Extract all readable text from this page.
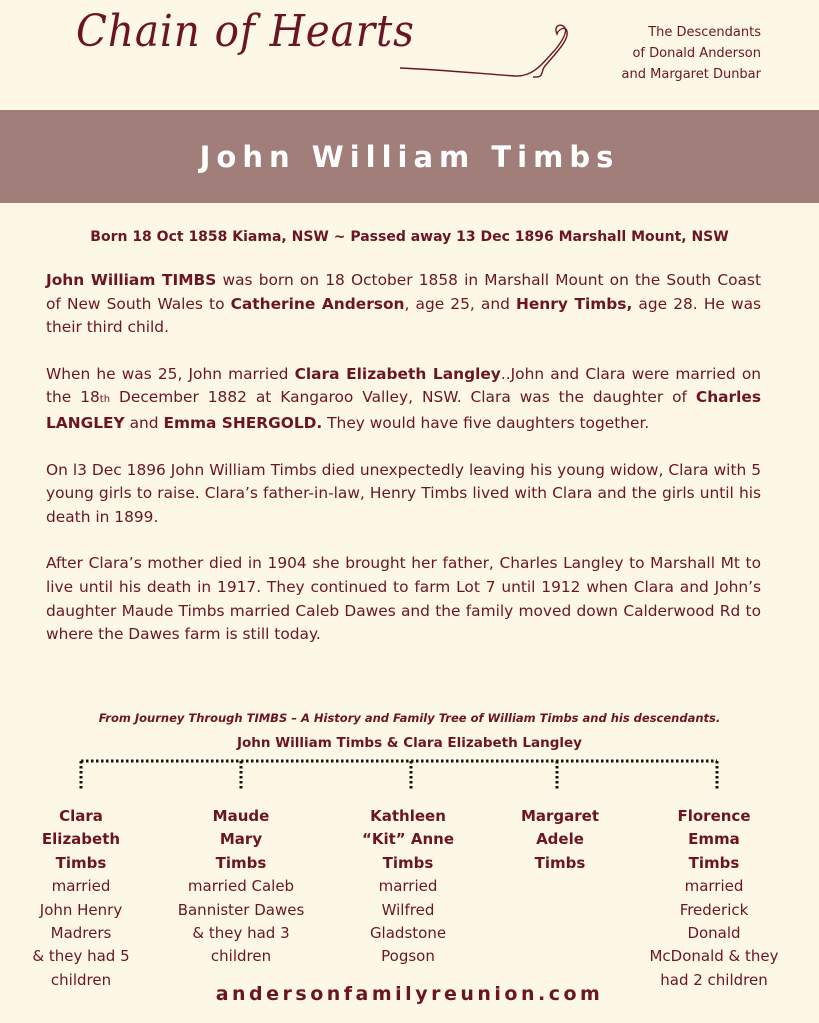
Chain of Hearts	The Descendants
of Donald Anderson
and Margaret Dunbar
John William Timbs
Born 18 Oct 1858 Kiama, NSW ~ Passed away 13 Dec 1896 Marshall Mount, NSW

John William TIMBS was born on 18 October 1858 in Marshall Mount on the South Coast of New South Wales to Catherine Anderson, age 25, and Henry Timbs, age 28. He was their third child.

When he was 25, John married Clara Elizabeth Langley..John and Clara were married on the 18th December 1882 at Kangaroo Valley, NSW. Clara was the daughter of Charles LANGLEY and Emma SHERGOLD. They would have five daughters together.

On l3 Dec 1896 John William Timbs died unexpectedly leaving his young widow, Clara with 5 young girls to raise. Clara’s father-in-law, Henry Timbs lived with Clara and the girls until his death in 1899.

After Clara’s mother died in 1904 she brought her father, Charles Langley to Marshall Mt to live until his death in 1917. They continued to farm Lot 7 until 1912 when Clara and John’s daughter Maude Timbs married Caleb Dawes and the family moved down Calderwood Rd to where the Dawes farm is still today.

From Journey Through TIMBS – A History and Family Tree of William Timbs and his descendants.
John William Timbs & Clara Elizabeth Langley
Clara
Elizabeth
Timbs
married
John Henry
Madrers
& they had 5
children
Maude
Mary
Timbs
married Caleb
Bannister Dawes
& they had 3
children
Kathleen
“Kit” Anne
Timbs
married
Wilfred
Gladstone
Pogson
Margaret
Adele
Timbs
Florence
Emma
Timbs
married
Frederick
Donald
McDonald & they
had 2 children
andersonfamilyreunion.com
